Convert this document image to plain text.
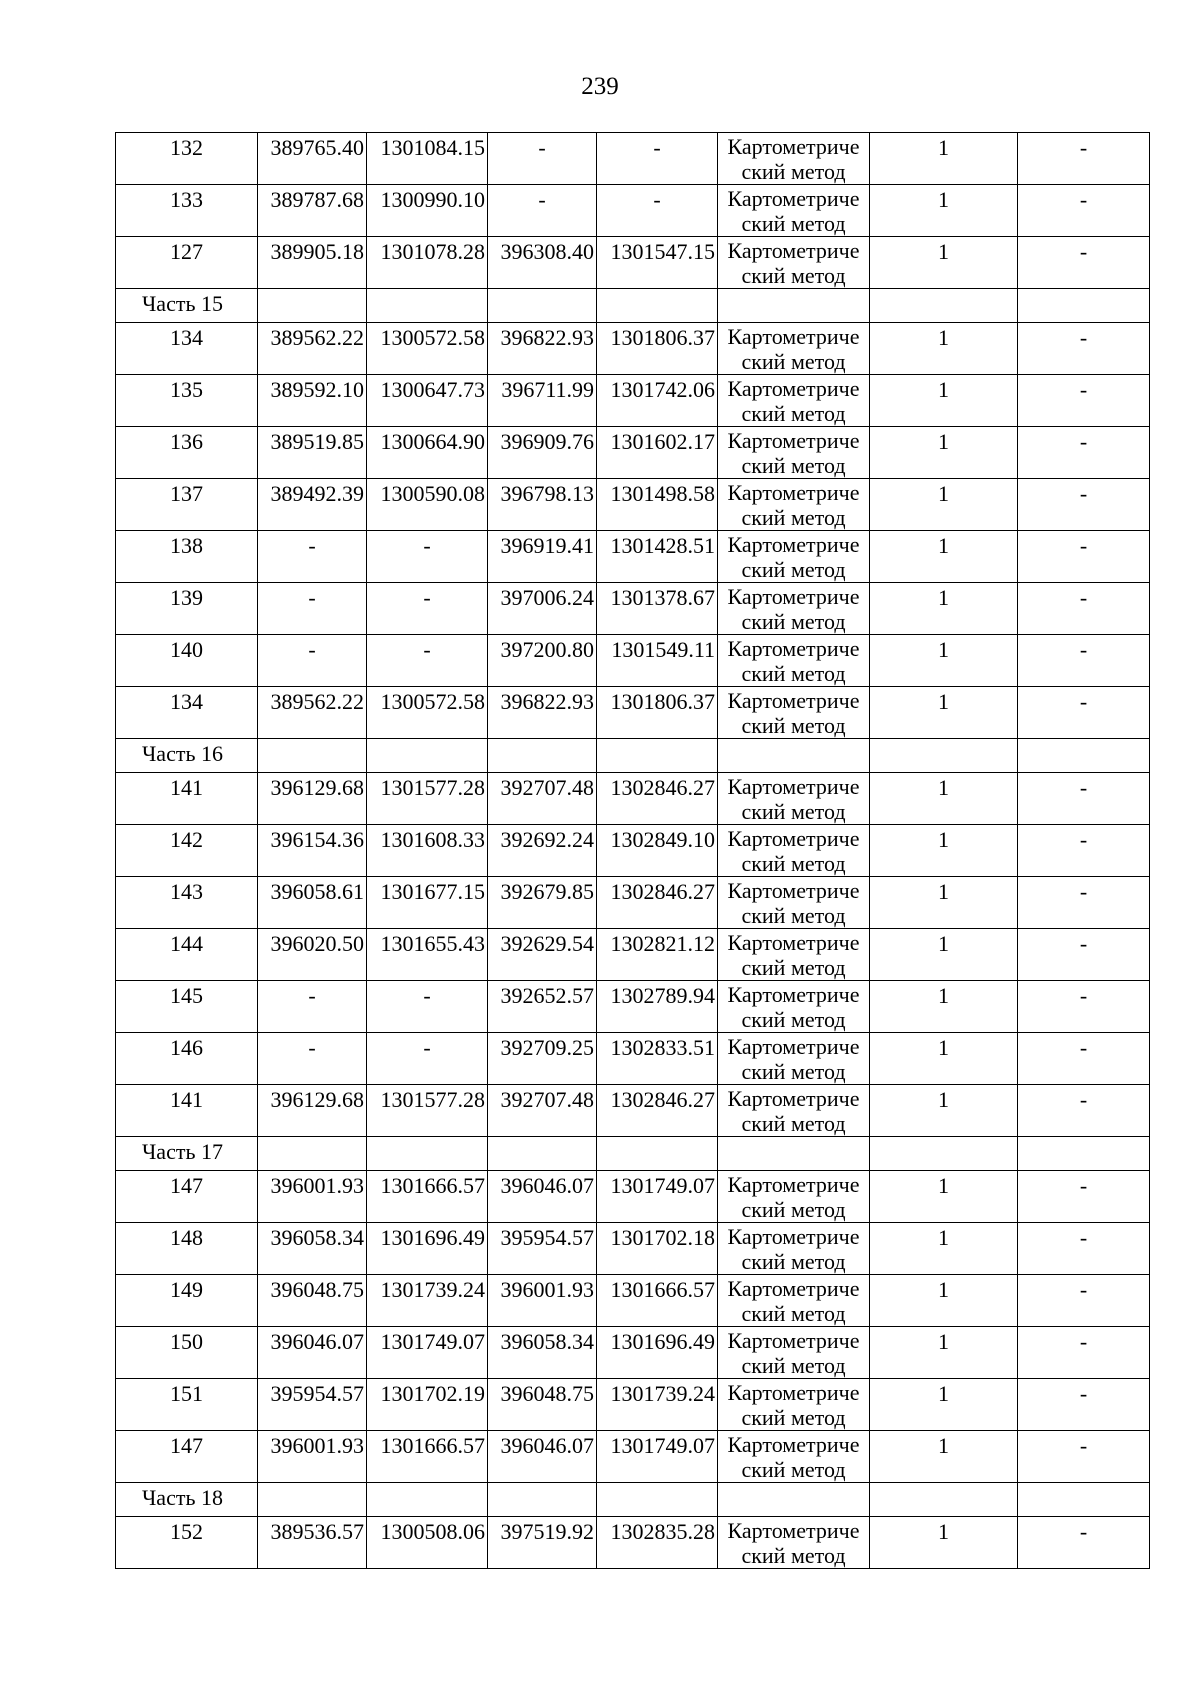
239
132	389765.40	1301084.15	-	-	Картометриче
ский метод	1	-
133	389787.68	1300990.10	-	-	Картометриче
ский метод	1	-
127	389905.18	1301078.28	396308.40	1301547.15	Картометриче
ский метод	1	-
Часть 15							
134	389562.22	1300572.58	396822.93	1301806.37	Картометриче
ский метод	1	-
135	389592.10	1300647.73	396711.99	1301742.06	Картометриче
ский метод	1	-
136	389519.85	1300664.90	396909.76	1301602.17	Картометриче
ский метод	1	-
137	389492.39	1300590.08	396798.13	1301498.58	Картометриче
ский метод	1	-
138	-	-	396919.41	1301428.51	Картометриче
ский метод	1	-
139	-	-	397006.24	1301378.67	Картометриче
ский метод	1	-
140	-	-	397200.80	1301549.11	Картометриче
ский метод	1	-
134	389562.22	1300572.58	396822.93	1301806.37	Картометриче
ский метод	1	-
Часть 16							
141	396129.68	1301577.28	392707.48	1302846.27	Картометриче
ский метод	1	-
142	396154.36	1301608.33	392692.24	1302849.10	Картометриче
ский метод	1	-
143	396058.61	1301677.15	392679.85	1302846.27	Картометриче
ский метод	1	-
144	396020.50	1301655.43	392629.54	1302821.12	Картометриче
ский метод	1	-
145	-	-	392652.57	1302789.94	Картометриче
ский метод	1	-
146	-	-	392709.25	1302833.51	Картометриче
ский метод	1	-
141	396129.68	1301577.28	392707.48	1302846.27	Картометриче
ский метод	1	-
Часть 17							
147	396001.93	1301666.57	396046.07	1301749.07	Картометриче
ский метод	1	-
148	396058.34	1301696.49	395954.57	1301702.18	Картометриче
ский метод	1	-
149	396048.75	1301739.24	396001.93	1301666.57	Картометриче
ский метод	1	-
150	396046.07	1301749.07	396058.34	1301696.49	Картометриче
ский метод	1	-
151	395954.57	1301702.19	396048.75	1301739.24	Картометриче
ский метод	1	-
147	396001.93	1301666.57	396046.07	1301749.07	Картометриче
ский метод	1	-
Часть 18							
152	389536.57	1300508.06	397519.92	1302835.28	Картометриче
ский метод	1	-
